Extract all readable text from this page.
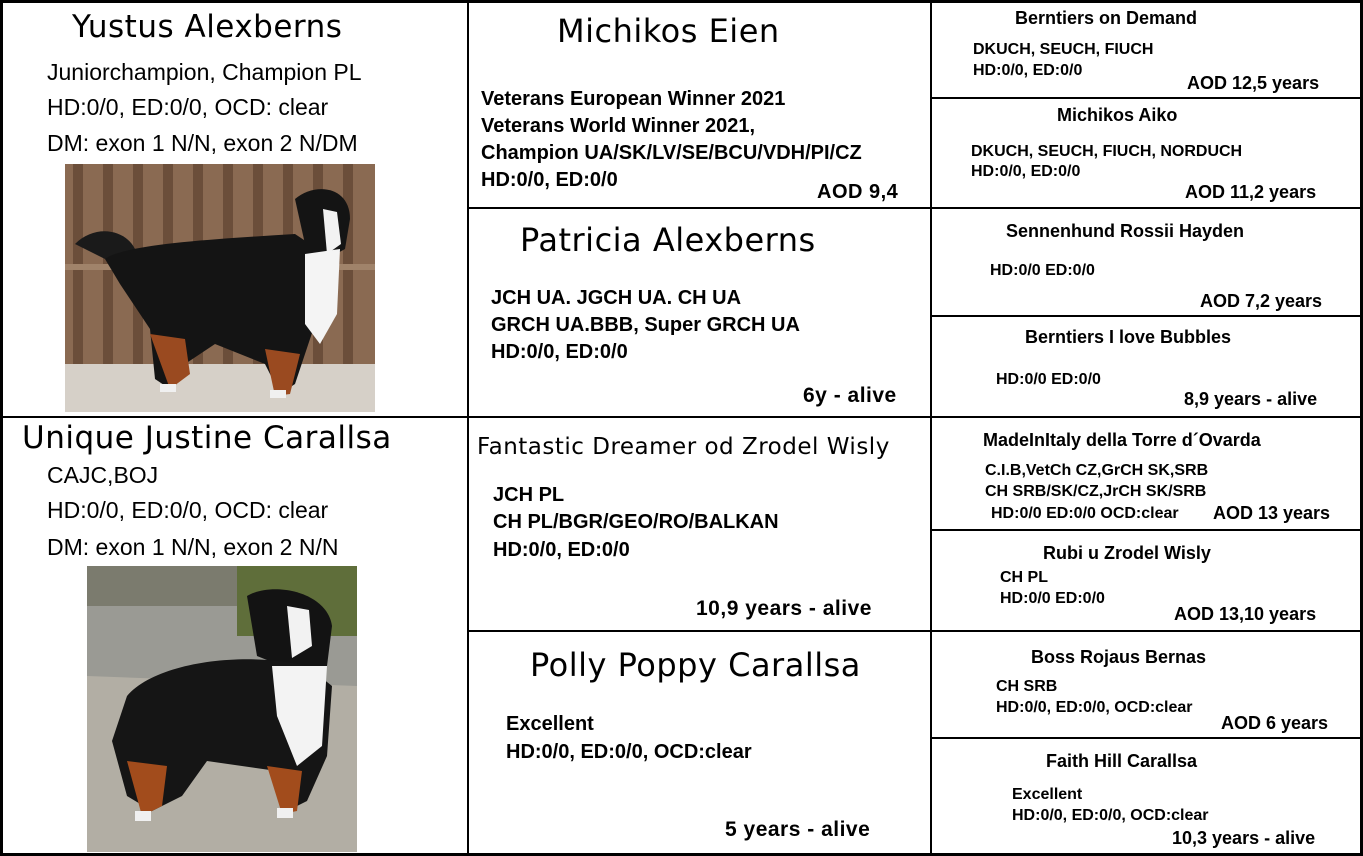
Yustus Alexberns
Juniorchampion, Champion PL
HD:0/0, ED:0/0, OCD: clear
DM: exon 1 N/N, exon 2 N/DM
Unique Justine Carallsa
CAJC,BOJ
HD:0/0, ED:0/0, OCD: clear
DM: exon 1 N/N, exon 2 N/N
Michikos Eien
Veterans European Winner 2021
Veterans World Winner 2021,
Champion UA/SK/LV/SE/BCU/VDH/PI/CZ
HD:0/0, ED:0/0
AOD 9,4
Patricia Alexberns
JCH UA. JGCH UA. CH UA
GRCH UA.BBB, Super GRCH UA
HD:0/0, ED:0/0
6y - alive
Fantastic Dreamer od Zrodel Wisly
JCH PL
CH PL/BGR/GEO/RO/BALKAN
HD:0/0, ED:0/0
10,9 years - alive
Polly Poppy Carallsa
Excellent
HD:0/0, ED:0/0, OCD:clear
5 years - alive
Berntiers on Demand
DKUCH, SEUCH, FIUCH
HD:0/0, ED:0/0
AOD 12,5 years
Michikos Aiko
DKUCH, SEUCH, FIUCH, NORDUCH
HD:0/0, ED:0/0
AOD 11,2 years
Sennenhund Rossii Hayden
HD:0/0 ED:0/0
AOD 7,2 years
Berntiers I love Bubbles
HD:0/0 ED:0/0
8,9 years - alive
MadeInItaly della Torre d´Ovarda
C.I.B,VetCh CZ,GrCH SK,SRB
CH SRB/SK/CZ,JrCH SK/SRB
HD:0/0 ED:0/0 OCD:clear AOD 13 years
Rubi u Zrodel Wisly
CH PL
HD:0/0 ED:0/0
AOD 13,10 years
Boss Rojaus Bernas
CH SRB
HD:0/0, ED:0/0, OCD:clear
AOD 6 years
Faith Hill Carallsa
Excellent
HD:0/0, ED:0/0, OCD:clear
10,3 years - alive
